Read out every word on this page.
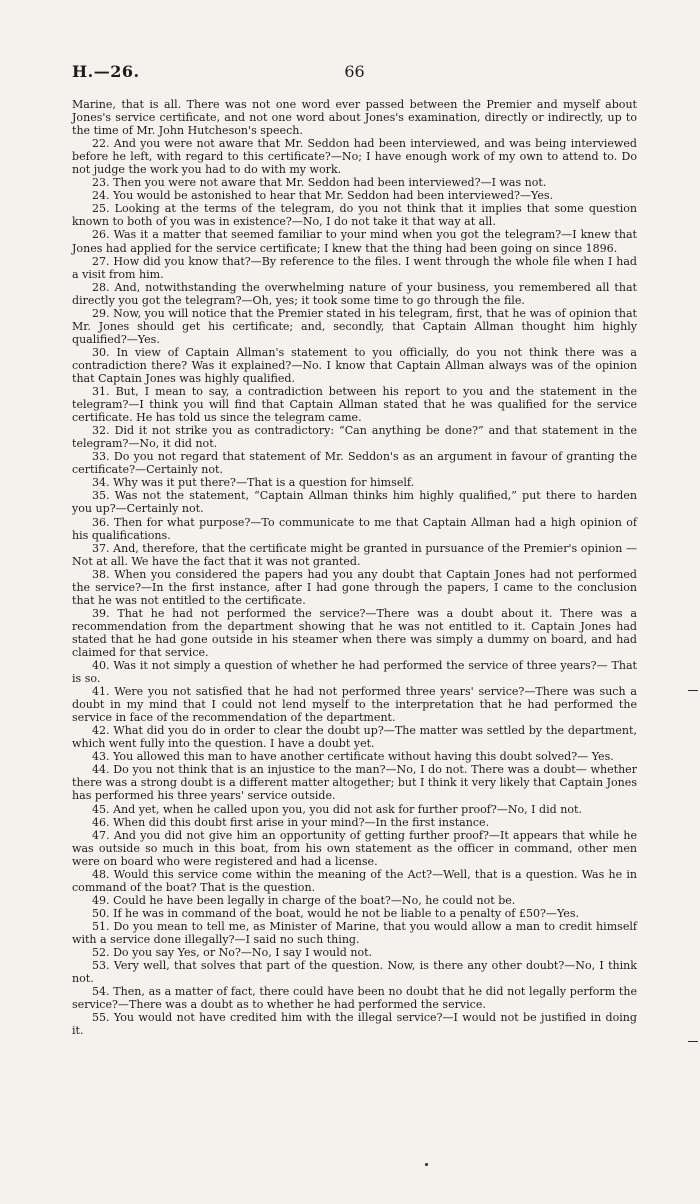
H.—26.	66

Marine, that is all. There was not one word ever passed between the Premier and myself about Jones's service certificate, and not one word about Jones's examination, directly or indirectly, up to the time of Mr. John Hutcheson's speech.

22. And you were not aware that Mr. Seddon had been interviewed, and was being interviewed before he left, with regard to this certificate?—No; I have enough work of my own to attend to. Do not judge the work you had to do with my work.

23. Then you were not aware that Mr. Seddon had been interviewed?—I was not.

24. You would be astonished to hear that Mr. Seddon had been interviewed?—Yes.

25. Looking at the terms of the telegram, do you not think that it implies that some question known to both of you was in existence?—No, I do not take it that way at all.

26. Was it a matter that seemed familiar to your mind when you got the telegram?—I knew that Jones had applied for the service certificate; I knew that the thing had been going on since 1896.

27. How did you know that?—By reference to the files. I went through the whole file when I had a visit from him.

28. And, notwithstanding the overwhelming nature of your business, you remembered all that directly you got the telegram?—Oh, yes; it took some time to go through the file.

29. Now, you will notice that the Premier stated in his telegram, first, that he was of opinion that Mr. Jones should get his certificate; and, secondly, that Captain Allman thought him highly qualified?—Yes.

30. In view of Captain Allman's statement to you officially, do you not think there was a contradiction there? Was it explained?—No. I know that Captain Allman always was of the opinion that Captain Jones was highly qualified.

31. But, I mean to say, a contradiction between his report to you and the statement in the telegram?—I think you will find that Captain Allman stated that he was qualified for the service certificate. He has told us since the telegram came.

32. Did it not strike you as contradictory: “Can anything be done?” and that statement in the telegram?—No, it did not.

33. Do you not regard that statement of Mr. Seddon's as an argument in favour of granting the certificate?—Certainly not.

34. Why was it put there?—That is a question for himself.

35. Was not the statement, “Captain Allman thinks him highly qualified,” put there to harden you up?—Certainly not.

36. Then for what purpose?—To communicate to me that Captain Allman had a high opinion of his qualifications.

37. And, therefore, that the certificate might be granted in pursuance of the Premier's opinion —Not at all. We have the fact that it was not granted.

38. When you considered the papers had you any doubt that Captain Jones had not performed the service?—In the first instance, after I had gone through the papers, I came to the conclusion that he was not entitled to the certificate.

39. That he had not performed the service?—There was a doubt about it. There was a recommendation from the department showing that he was not entitled to it. Captain Jones had stated that he had gone outside in his steamer when there was simply a dummy on board, and had claimed for that service.

40. Was it not simply a question of whether he had performed the service of three years?— That is so.

41. Were you not satisfied that he had not performed three years' service?—There was such a doubt in my mind that I could not lend myself to the interpretation that he had performed the service in face of the recommendation of the department.

42. What did you do in order to clear the doubt up?—The matter was settled by the department, which went fully into the question. I have a doubt yet.

43. You allowed this man to have another certificate without having this doubt solved?— Yes.

44. Do you not think that is an injustice to the man?—No, I do not. There was a doubt— whether there was a strong doubt is a different matter altogether; but I think it very likely that Captain Jones has performed his three years' service outside.

45. And yet, when he called upon you, you did not ask for further proof?—No, I did not.

46. When did this doubt first arise in your mind?—In the first instance.

47. And you did not give him an opportunity of getting further proof?—It appears that while he was outside so much in this boat, from his own statement as the officer in command, other men were on board who were registered and had a license.

48. Would this service come within the meaning of the Act?—Well, that is a question. Was he in command of the boat? That is the question.

49. Could he have been legally in charge of the boat?—No, he could not be.

50. If he was in command of the boat, would he not be liable to a penalty of £50?—Yes.

51. Do you mean to tell me, as Minister of Marine, that you would allow a man to credit himself with a service done illegally?—I said no such thing.

52. Do you say Yes, or No?—No, I say I would not.

53. Very well, that solves that part of the question. Now, is there any other doubt?—No, I think not.

54. Then, as a matter of fact, there could have been no doubt that he did not legally perform the service?—There was a doubt as to whether he had performed the service.

55. You would not have credited him with the illegal service?—I would not be justified in doing it.
